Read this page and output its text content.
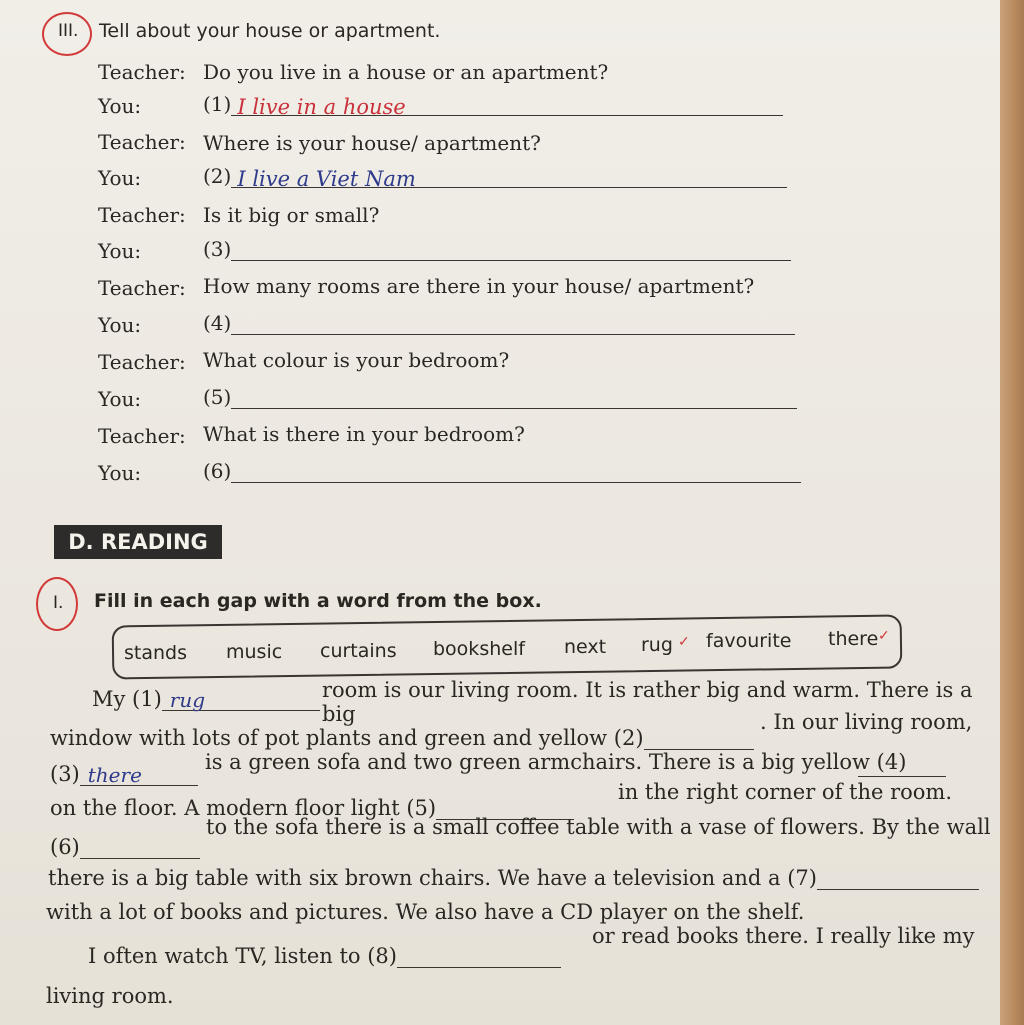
III. Tell about your house or apartment.
Teacher: Do you live in a house or an apartment?
You:	(1) I live in a house
Teacher: Where is your house/ apartment?
You:	(2) I live a Viet Nam
Teacher: Is it big or small?
You:	(3)
Teacher: How many rooms are there in your house/ apartment?
You:	(4)
Teacher: What colour is your bedroom?
You:	(5)
Teacher: What is there in your bedroom?
You:	(6)
D. READING
I. Fill in each gap with a word from the box.
stands music curtains bookshelf next rug ✓ favourite there ✓
My (1) rug	room is our living room. It is rather big and warm. There is a big
window with lots of pot plants and green and yellow (2)
. In our living room,
(3) there
is a green sofa and two green armchairs. There is a big yellow (4)
on the floor. A modern floor light (5)
in the right corner of the room.
(6)
to the sofa there is a small coffee table with a vase of flowers. By the wall
there is a big table with six brown chairs. We have a television and a (7)
with a lot of books and pictures. We also have a CD player on the shelf.
I often watch TV, listen to (8)
or read books there. I really like my
living room.
